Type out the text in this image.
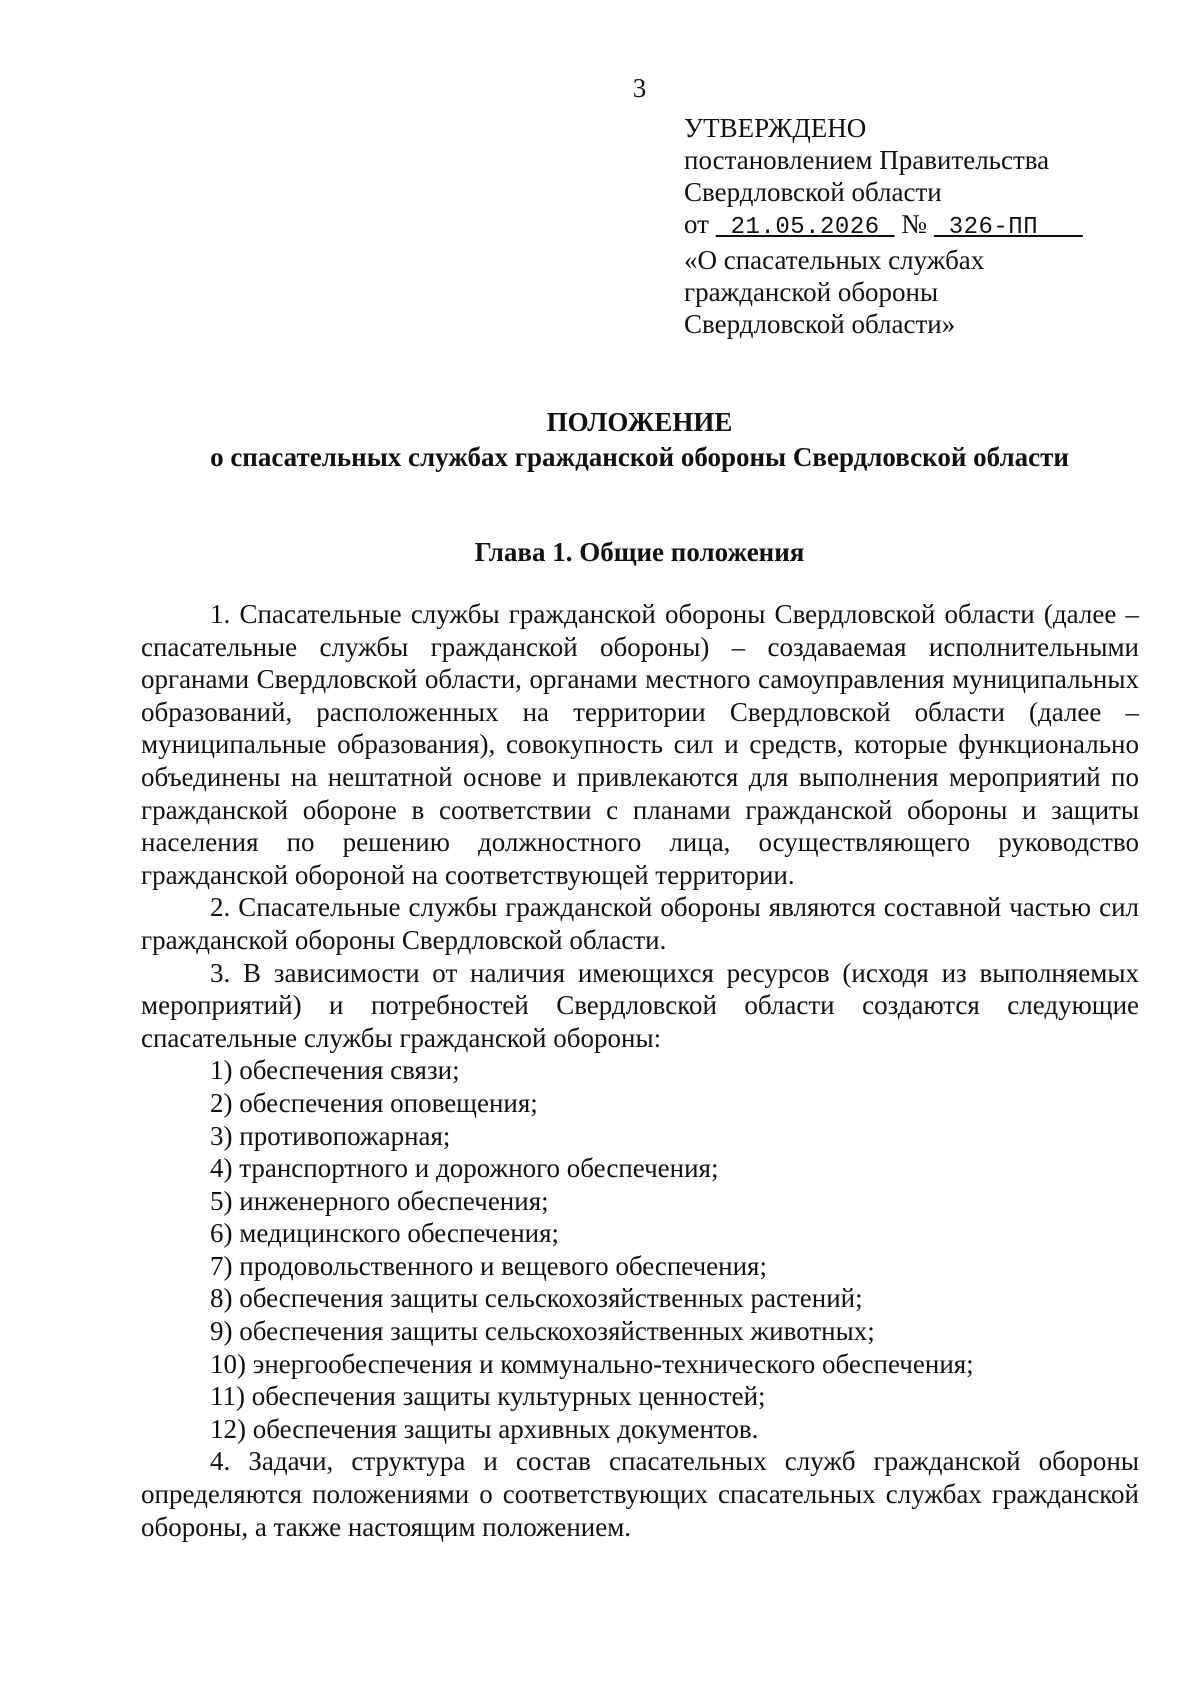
3

УТВЕРЖДЕНО
постановлением Правительства
Свердловской области
от  21.05.2026  №  326-ПП
«О спасательных службах
гражданской обороны
Свердловской области»
ПОЛОЖЕНИЕ
о спасательных службах гражданской обороны Свердловской области

Глава 1. Общие положения

1. Спасательные службы гражданской обороны Свердловской области (далее – спасательные службы гражданской обороны) – создаваемая исполнительными органами Свердловской области, органами местного самоуправления муниципальных образований, расположенных на территории Свердловской области (далее – муниципальные образования), совокупность сил и средств, которые функционально объединены на нештатной основе и привлекаются для выполнения мероприятий по гражданской обороне в соответствии с планами гражданской обороны и защиты населения по решению должностного лица, осуществляющего руководство гражданской обороной на соответствующей территории.

2. Спасательные службы гражданской обороны являются составной частью сил гражданской обороны Свердловской области.

3. В зависимости от наличия имеющихся ресурсов (исходя из выполняемых мероприятий) и потребностей Свердловской области создаются следующие спасательные службы гражданской обороны:

1) обеспечения связи;
2) обеспечения оповещения;
3) противопожарная;
4) транспортного и дорожного обеспечения;
5) инженерного обеспечения;
6) медицинского обеспечения;
7) продовольственного и вещевого обеспечения;
8) обеспечения защиты сельскохозяйственных растений;
9) обеспечения защиты сельскохозяйственных животных;
10) энергообеспечения и коммунально-технического обеспечения;
11) обеспечения защиты культурных ценностей;
12) обеспечения защиты архивных документов.

4. Задачи, структура и состав спасательных служб гражданской обороны определяются положениями о соответствующих спасательных службах гражданской обороны, а также настоящим положением.
